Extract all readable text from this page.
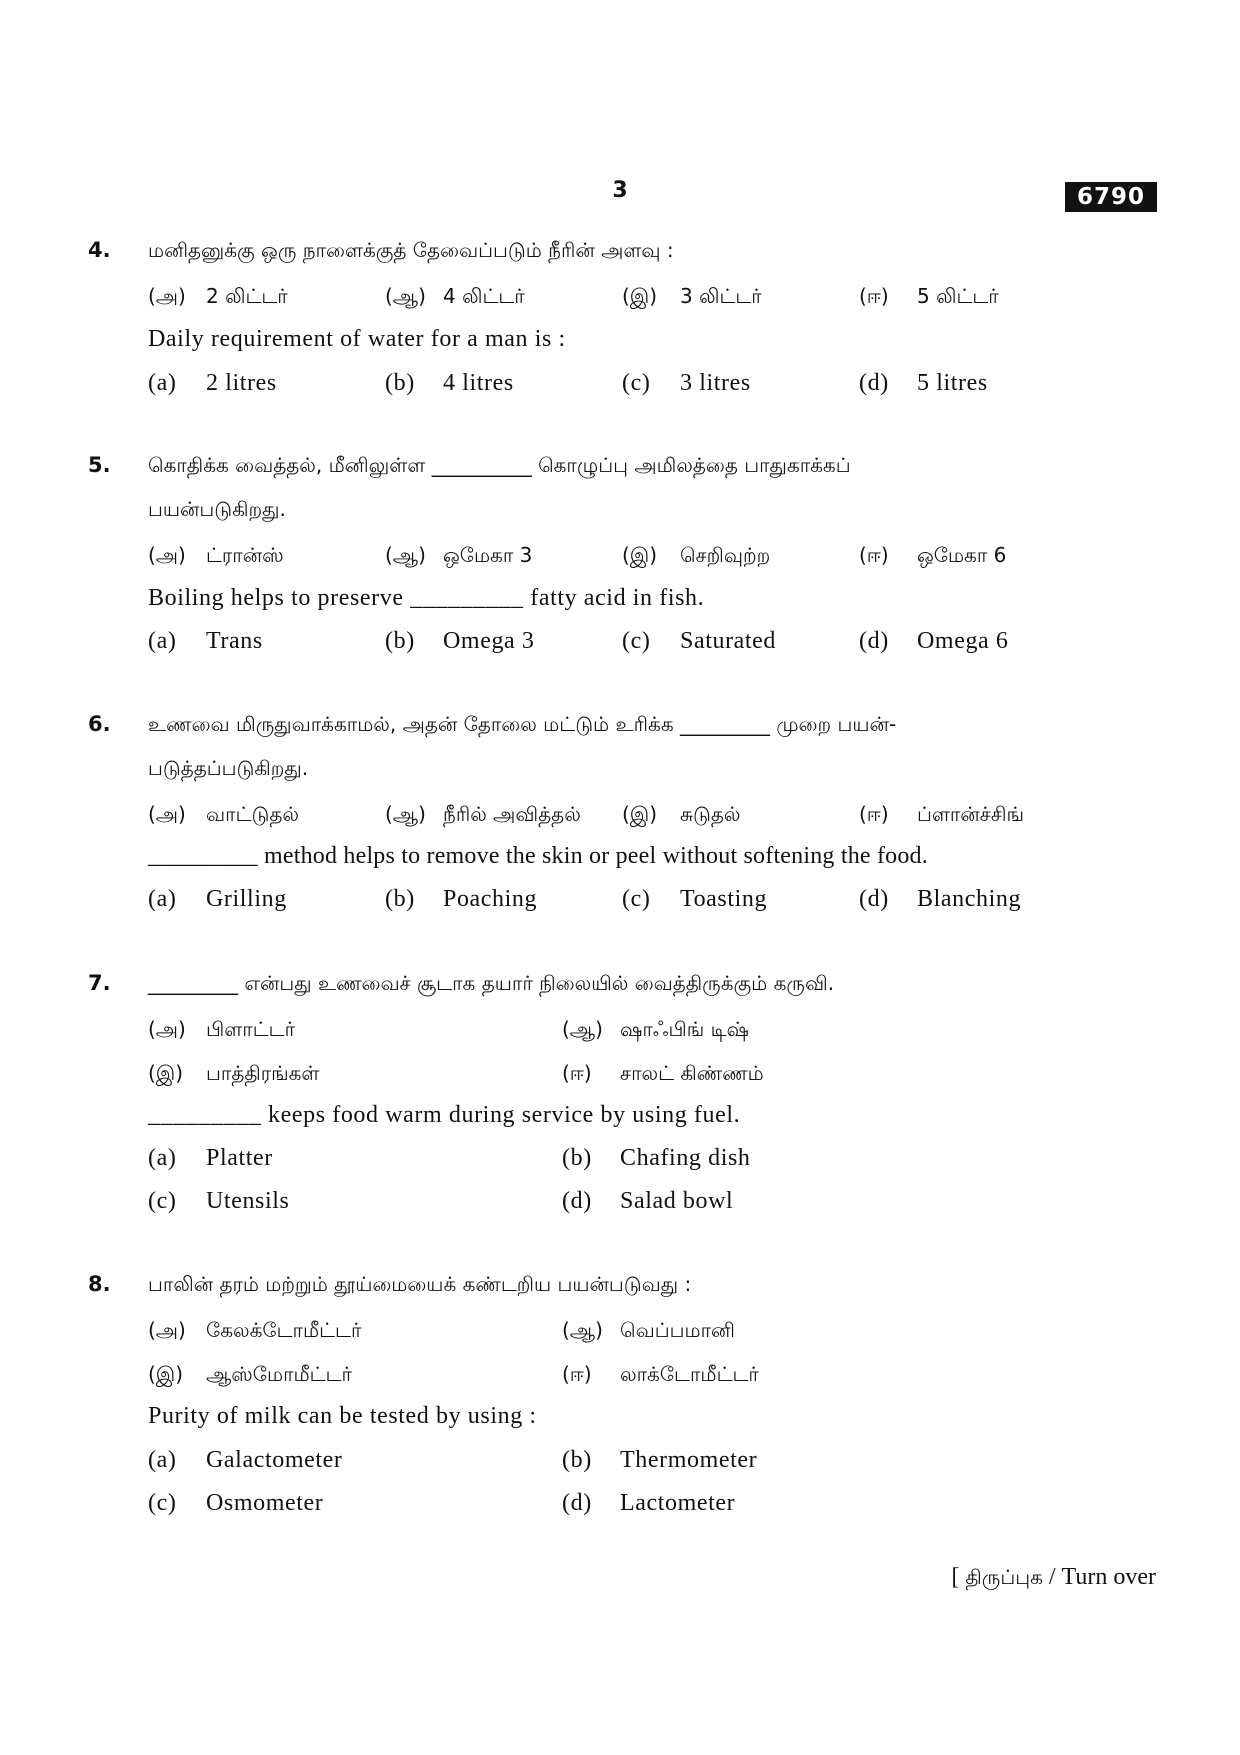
3	6790
4. மனிதனுக்கு ஒரு நாளைக்குத் தேவைப்படும் நீரின் அளவு :
(அ) 2 லிட்டர்	(ஆ) 4 லிட்டர்	(இ) 3 லிட்டர்	(ஈ) 5 லிட்டர்
Daily requirement of water for a man is :
(a) 2 litres	(b) 4 litres	(c) 3 litres	(d) 5 litres
5. கொதிக்க வைத்தல், மீனிலுள்ள __________ கொழுப்பு அமிலத்தை பாதுகாக்கப்
பயன்படுகிறது.
(அ) ட்ரான்ஸ்	(ஆ) ஒமேகா 3	(இ) செறிவுற்ற	(ஈ) ஒமேகா 6
Boiling helps to preserve _________ fatty acid in fish.
(a) Trans	(b) Omega 3	(c) Saturated	(d) Omega 6
6. உணவை மிருதுவாக்காமல், அதன் தோலை மட்டும் உரிக்க _________ முறை பயன்-
படுத்தப்படுகிறது.
(அ) வாட்டுதல்	(ஆ) நீரில் அவித்தல் (இ) சுடுதல்	(ஈ) ப்ளான்ச்சிங்
_________ method helps to remove the skin or peel without softening the food.
(a) Grilling	(b) Poaching	(c) Toasting	(d) Blanching
7. _________ என்பது உணவைச் சூடாக தயார் நிலையில் வைத்திருக்கும் கருவி.
(அ) பிளாட்டர்	(ஆ) ஷாஃபிங் டிஷ்
(இ) பாத்திரங்கள்	(ஈ) சாலட் கிண்ணம்
_________ keeps food warm during service by using fuel.
(a) Platter	(b) Chafing dish
(c) Utensils	(d) Salad bowl
8. பாலின் தரம் மற்றும் தூய்மையைக் கண்டறிய பயன்படுவது :
(அ) கேலக்டோமீட்டர்	(ஆ) வெப்பமானி
(இ) ஆஸ்மோமீட்டர்	(ஈ) லாக்டோமீட்டர்
Purity of milk can be tested by using :
(a) Galactometer	(b) Thermometer
(c) Osmometer	(d) Lactometer
[ திருப்புக / Turn over
